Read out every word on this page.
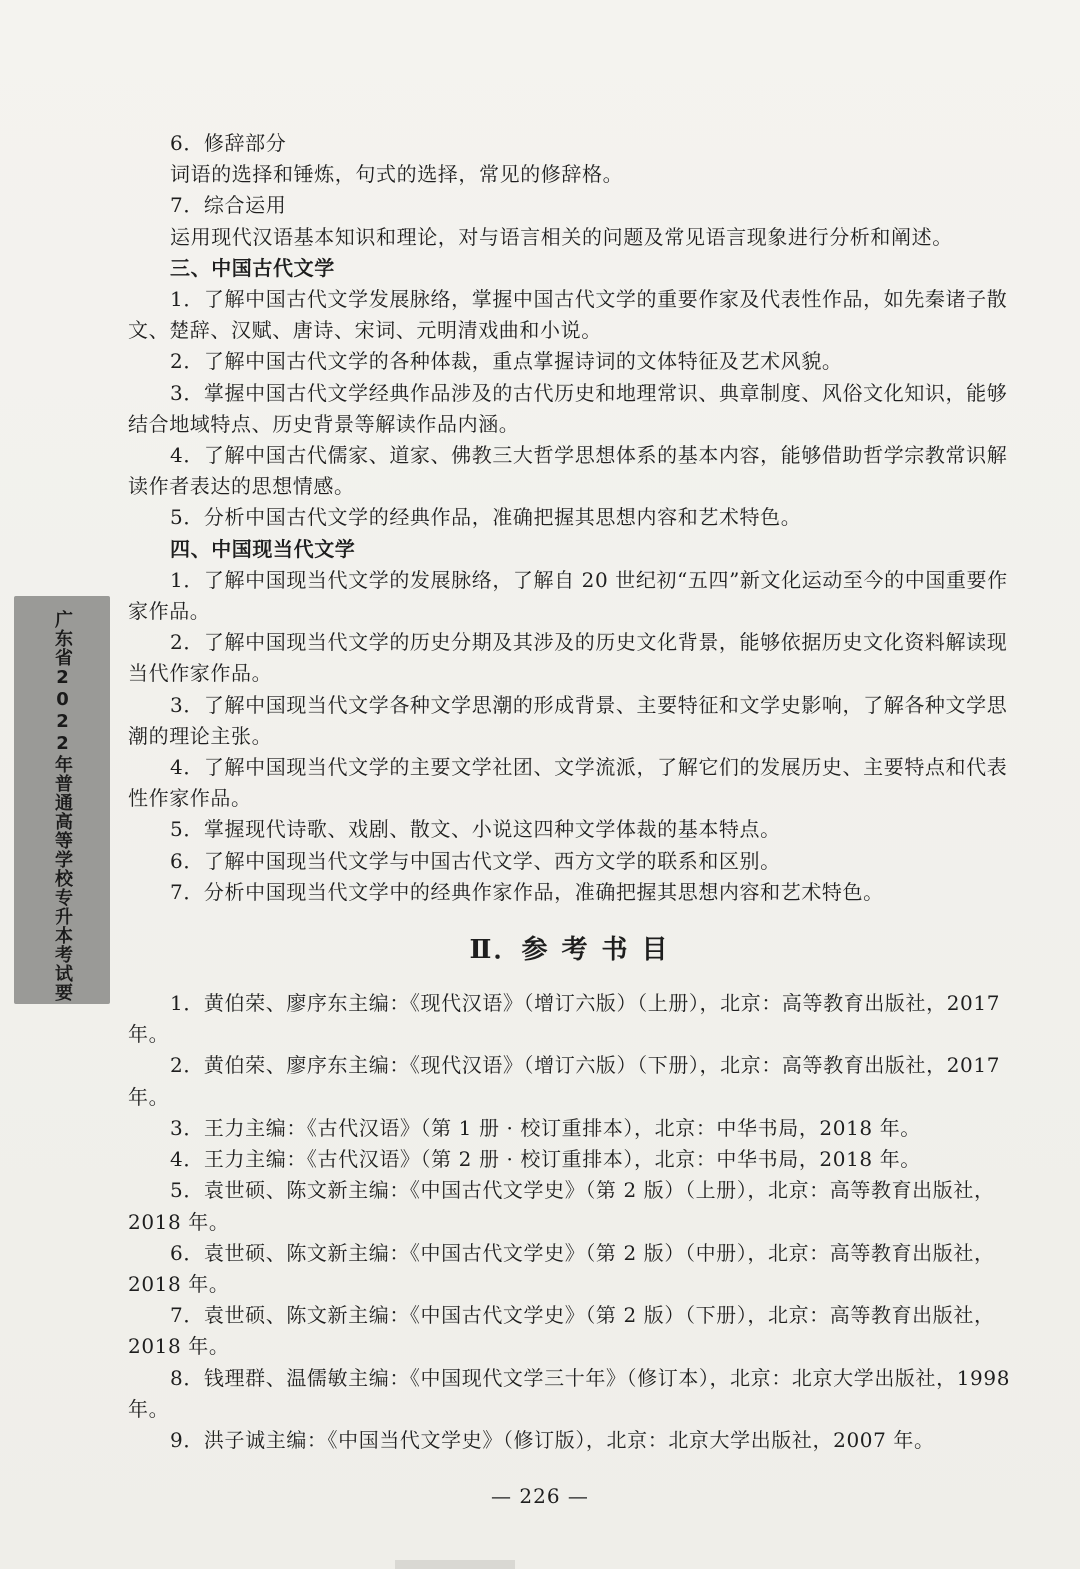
广东省2022年普通高等学校专升本考试要

6．修辞部分

词语的选择和锤炼，句式的选择，常见的修辞格。

7．综合运用

运用现代汉语基本知识和理论，对与语言相关的问题及常见语言现象进行分析和阐述。

三、中国古代文学

1．了解中国古代文学发展脉络，掌握中国古代文学的重要作家及代表性作品，如先秦诸子散文、楚辞、汉赋、唐诗、宋词、元明清戏曲和小说。

2．了解中国古代文学的各种体裁，重点掌握诗词的文体特征及艺术风貌。

3．掌握中国古代文学经典作品涉及的古代历史和地理常识、典章制度、风俗文化知识，能够结合地域特点、历史背景等解读作品内涵。

4．了解中国古代儒家、道家、佛教三大哲学思想体系的基本内容，能够借助哲学宗教常识解读作者表达的思想情感。

5．分析中国古代文学的经典作品，准确把握其思想内容和艺术特色。

四、中国现当代文学

1．了解中国现当代文学的发展脉络，了解自 20 世纪初“五四”新文化运动至今的中国重要作家作品。

2．了解中国现当代文学的历史分期及其涉及的历史文化背景，能够依据历史文化资料解读现当代作家作品。

3．了解中国现当代文学各种文学思潮的形成背景、主要特征和文学史影响，了解各种文学思潮的理论主张。

4．了解中国现当代文学的主要文学社团、文学流派，了解它们的发展历史、主要特点和代表性作家作品。

5．掌握现代诗歌、戏剧、散文、小说这四种文学体裁的基本特点。

6．了解中国现当代文学与中国古代文学、西方文学的联系和区别。

7．分析中国现当代文学中的经典作家作品，准确把握其思想内容和艺术特色。

Ⅱ．参考书目

1．黄伯荣、廖序东主编：《现代汉语》（增订六版）（上册），北京：高等教育出版社，2017 年。

2．黄伯荣、廖序东主编：《现代汉语》（增订六版）（下册），北京：高等教育出版社，2017 年。

3．王力主编：《古代汉语》（第 1 册 · 校订重排本），北京：中华书局，2018 年。

4．王力主编：《古代汉语》（第 2 册 · 校订重排本），北京：中华书局，2018 年。

5．袁世硕、陈文新主编：《中国古代文学史》（第 2 版）（上册），北京：高等教育出版社，2018 年。

6．袁世硕、陈文新主编：《中国古代文学史》（第 2 版）（中册），北京：高等教育出版社，2018 年。

7．袁世硕、陈文新主编：《中国古代文学史》（第 2 版）（下册），北京：高等教育出版社，2018 年。

8．钱理群、温儒敏主编：《中国现代文学三十年》（修订本），北京：北京大学出版社，1998 年。

9．洪子诚主编：《中国当代文学史》（修订版），北京：北京大学出版社，2007 年。

— 226 —
